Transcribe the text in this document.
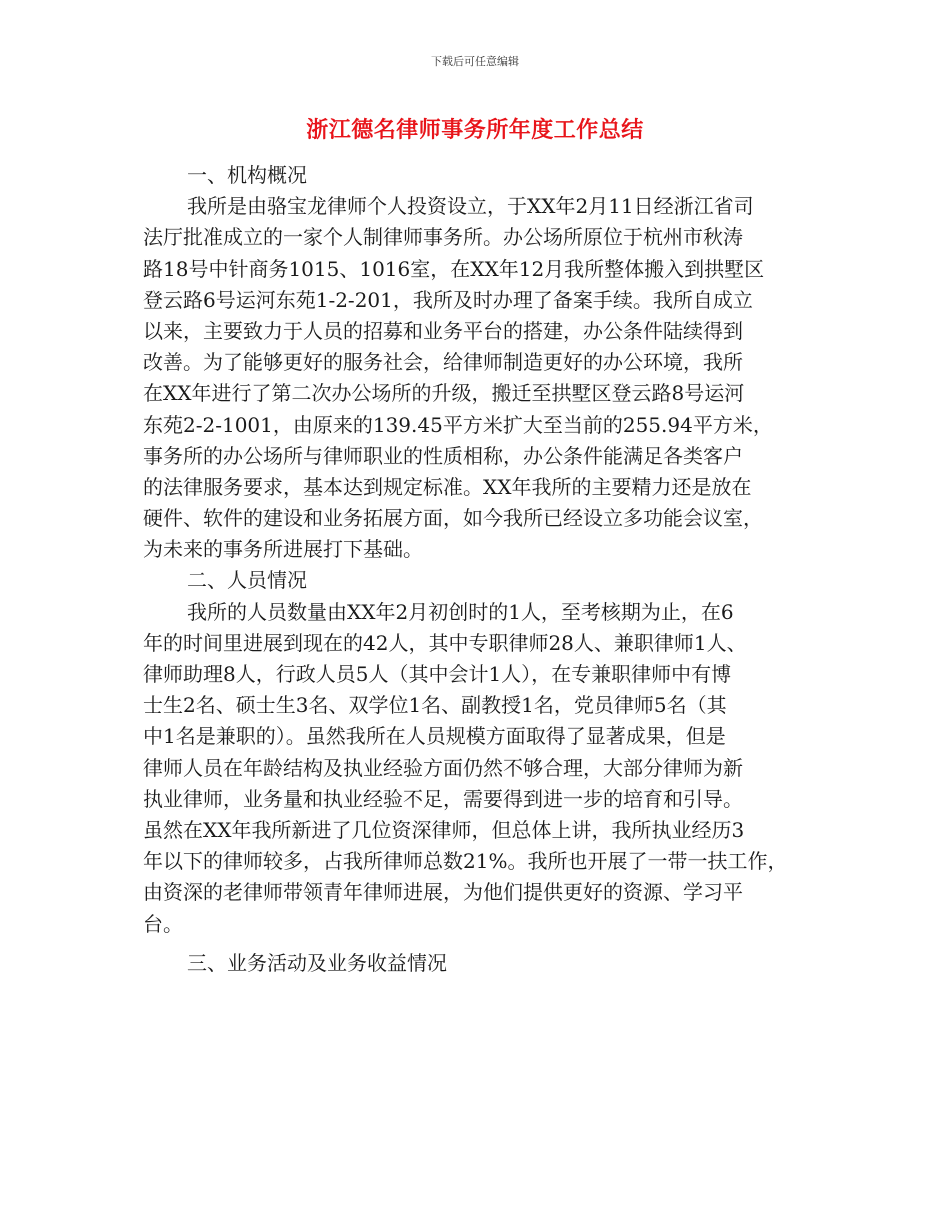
下载后可任意编辑
浙江德名律师事务所年度工作总结
一、机构概况
我所是由骆宝龙律师个人投资设立，于XX年2月11日经浙江省司
法厅批准成立的一家个人制律师事务所。办公场所原位于杭州市秋涛
路18号中针商务1015、1016室，在XX年12月我所整体搬入到拱墅区
登云路6号运河东苑1-2-201，我所及时办理了备案手续。我所自成立
以来，主要致力于人员的招募和业务平台的搭建，办公条件陆续得到
改善。为了能够更好的服务社会，给律师制造更好的办公环境，我所
在XX年进行了第二次办公场所的升级，搬迁至拱墅区登云路8号运河
东苑2-2-1001，由原来的139.45平方米扩大至当前的255.94平方米，
事务所的办公场所与律师职业的性质相称，办公条件能满足各类客户
的法律服务要求，基本达到规定标准。XX年我所的主要精力还是放在
硬件、软件的建设和业务拓展方面，如今我所已经设立多功能会议室，
为未来的事务所进展打下基础。
二、人员情况
我所的人员数量由XX年2月初创时的1人，至考核期为止，在6
年的时间里进展到现在的42人，其中专职律师28人、兼职律师1人、
律师助理8人，行政人员5人（其中会计1人），在专兼职律师中有博
士生2名、硕士生3名、双学位1名、副教授1名，党员律师5名（其
中1名是兼职的）。虽然我所在人员规模方面取得了显著成果，但是
律师人员在年龄结构及执业经验方面仍然不够合理，大部分律师为新
执业律师，业务量和执业经验不足，需要得到进一步的培育和引导。
虽然在XX年我所新进了几位资深律师，但总体上讲，我所执业经历3
年以下的律师较多，占我所律师总数21%。我所也开展了一带一扶工作，
由资深的老律师带领青年律师进展，为他们提供更好的资源、学习平
台。
三、业务活动及业务收益情况
